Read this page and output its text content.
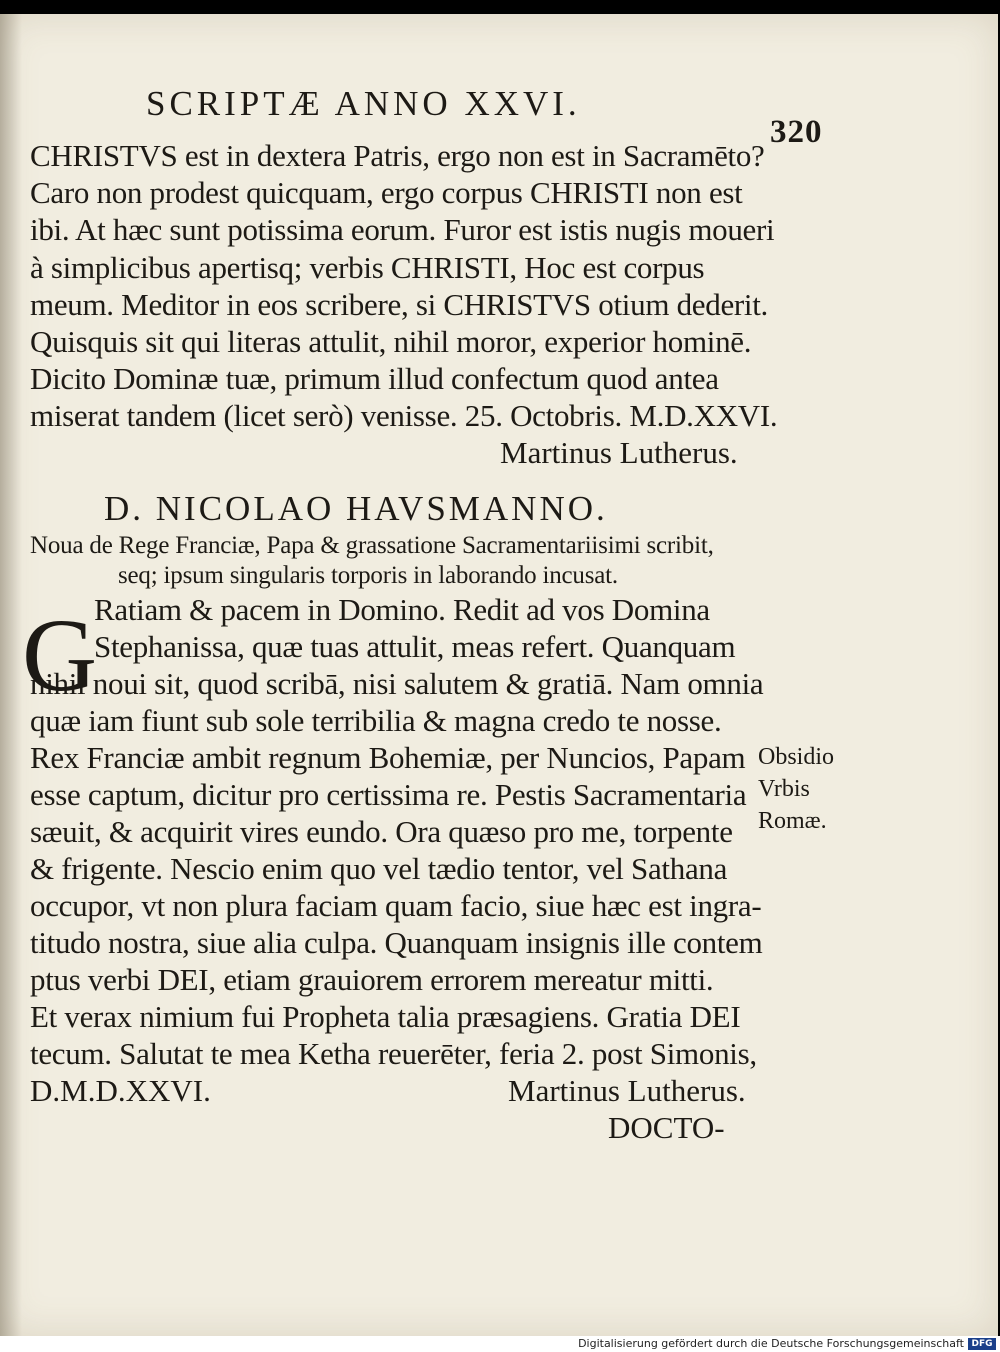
SCRIPTÆ ANNO XXVI.
320
CHRISTVS est in dextera Patris, ergo non est in Sacramēto?
Caro non prodest quicquam, ergo corpus CHRISTI non est
ibi. At hæc sunt potissima eorum. Furor est istis nugis moueri
à simplicibus apertisq; verbis CHRISTI, Hoc est corpus
meum. Meditor in eos scribere, si CHRISTVS otium dederit.
Quisquis sit qui literas attulit, nihil moror, experior hominē.
Dicito Dominæ tuæ, primum illud confectum quod antea
miserat tandem (licet serò) venisse. 25. Octobris. M.D.XXVI.
Martinus Lutherus.
D. NICOLAO HAVSMANNO.
Noua de Rege Franciæ, Papa & grassatione Sacramentariisimi scribit,
seq; ipsum singularis torporis in laborando incusat.
G
Ratiam & pacem in Domino. Redit ad vos Domina
Stephanissa, quæ tuas attulit, meas refert. Quanquam
nihil noui sit, quod scribā, nisi salutem & gratiā. Nam omnia
quæ iam fiunt sub sole terribilia & magna credo te nosse.
Rex Franciæ ambit regnum Bohemiæ, per Nuncios, Papam
esse captum, dicitur pro certissima re. Pestis Sacramentaria
sæuit, & acquirit vires eundo. Ora quæso pro me, torpente
& frigente. Nescio enim quo vel tædio tentor, vel Sathana
occupor, vt non plura faciam quam facio, siue hæc est ingra-
titudo nostra, siue alia culpa. Quanquam insignis ille contem
ptus verbi DEI, etiam grauiorem errorem mereatur mitti.
Et verax nimium fui Propheta talia præsagiens. Gratia DEI
tecum. Salutat te mea Ketha reuerēter, feria 2. post Simonis,
D.M.D.XXVI.	Martinus Lutherus.
DOCTO-
Obsidio
Vrbis
Romæ.
Digitalisierung gefördert durch die Deutsche Forschungsgemeinschaft DFG
